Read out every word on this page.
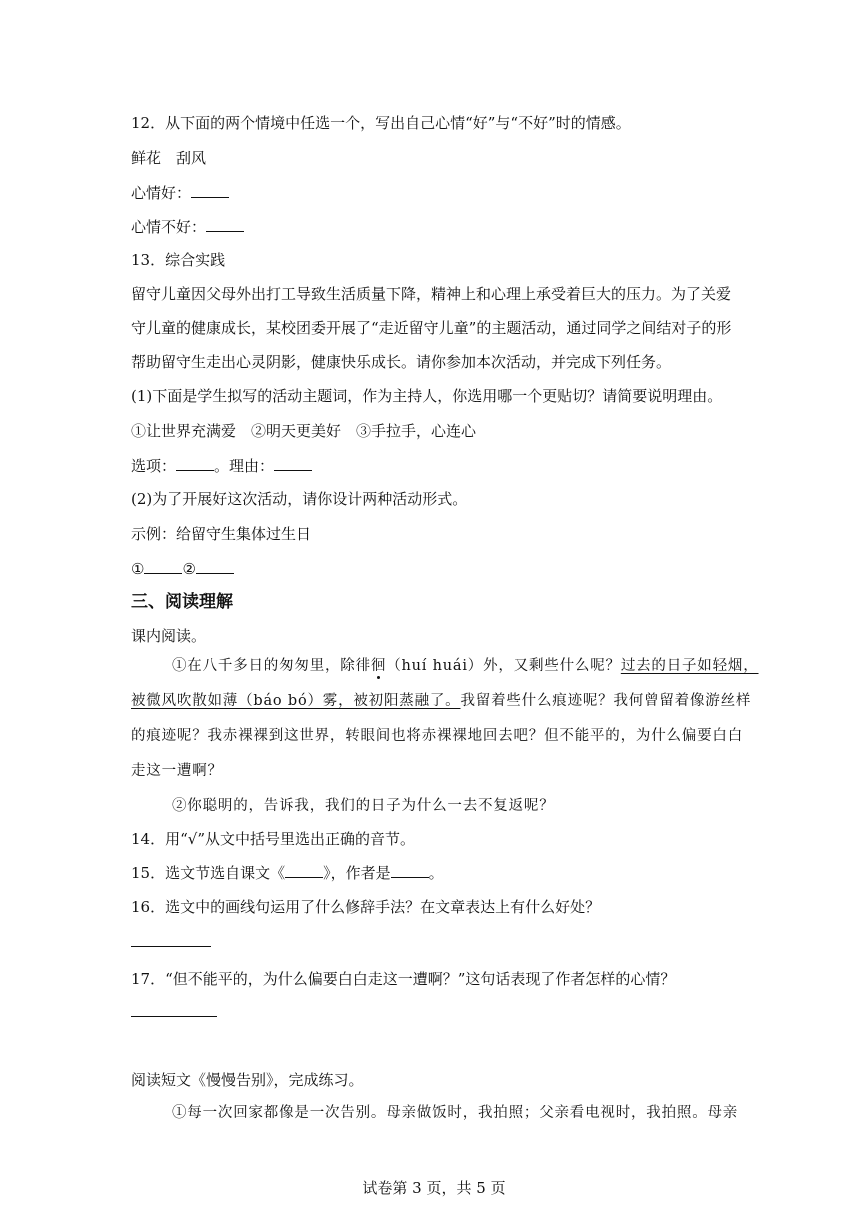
12．从下面的两个情境中任选一个，写出自己心情“好”与“不好”时的情感。
鲜花　刮风
心情好：
心情不好：
13．综合实践
留守儿童因父母外出打工导致生活质量下降，精神上和心理上承受着巨大的压力。为了关爱
守儿童的健康成长，某校团委开展了“走近留守儿童”的主题活动，通过同学之间结对子的形
帮助留守生走出心灵阴影，健康快乐成长。请你参加本次活动，并完成下列任务。
(1)下面是学生拟写的活动主题词，作为主持人，你选用哪一个更贴切？请简要说明理由。
①让世界充满爱　②明天更美好　③手拉手，心连心
选项：	。理由：
(2)为了开展好这次活动，请你设计两种活动形式。
示例：给留守生集体过生日
①	②
三、阅读理解
课内阅读。
①在八千多日的匆匆里，除徘徊（huí huái）外，又剩些什么呢？过去的日子如轻烟，
被微风吹散如薄（báo bó）雾，被初阳蒸融了。我留着些什么痕迹呢？我何曾留着像游丝样
的痕迹呢？我赤裸裸到这世界，转眼间也将赤裸裸地回去吧？但不能平的，为什么偏要白白
走这一遭啊？
②你聪明的，告诉我，我们的日子为什么一去不复返呢？
14．用“√”从文中括号里选出正确的音节。
15．选文节选自课文《	》，作者是	。
16．选文中的画线句运用了什么修辞手法？在文章表达上有什么好处？
17．“但不能平的，为什么偏要白白走这一遭啊？”这句话表现了作者怎样的心情？
阅读短文《慢慢告别》，完成练习。
①每一次回家都像是一次告别。母亲做饭时，我拍照；父亲看电视时，我拍照。母亲
试卷第 3 页，共 5 页
